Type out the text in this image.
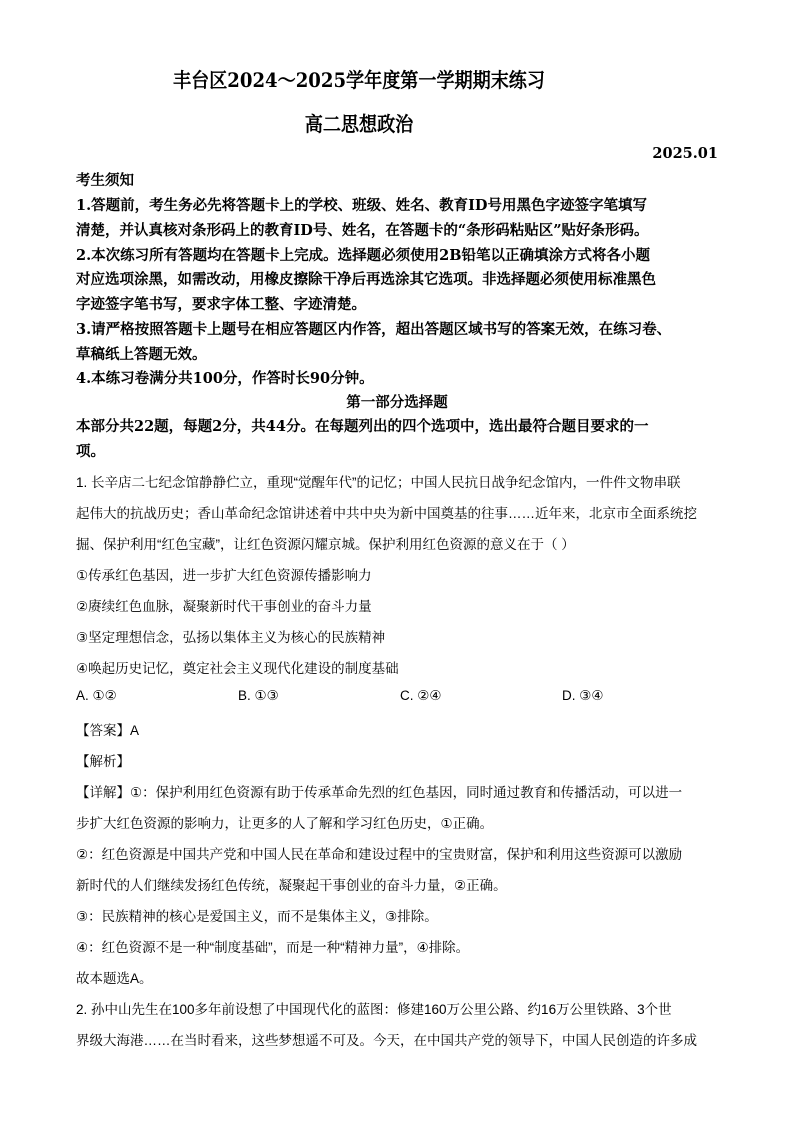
丰台区2024～2025学年度第一学期期末练习
高二思想政治
2025.01
考生须知
1.答题前，考生务必先将答题卡上的学校、班级、姓名、教育ID号用黑色字迹签字笔填写
清楚，并认真核对条形码上的教育ID号、姓名，在答题卡的“条形码粘贴区”贴好条形码。
2.本次练习所有答题均在答题卡上完成。选择题必须使用2B铅笔以正确填涂方式将各小题
对应选项涂黑，如需改动，用橡皮擦除干净后再选涂其它选项。非选择题必须使用标准黑色
字迹签字笔书写，要求字体工整、字迹清楚。
3.请严格按照答题卡上题号在相应答题区内作答，超出答题区域书写的答案无效，在练习卷、
草稿纸上答题无效。
4.本练习卷满分共100分，作答时长90分钟。
第一部分选择题
本部分共22题，每题2分，共44分。在每题列出的四个选项中，选出最符合题目要求的一
项。
1. 长辛店二七纪念馆静静伫立，重现“觉醒年代”的记忆；中国人民抗日战争纪念馆内，一件件文物串联
起伟大的抗战历史；香山革命纪念馆讲述着中共中央为新中国奠基的往事……近年来，北京市全面系统挖
掘、保护利用“红色宝藏”，让红色资源闪耀京城。保护利用红色资源的意义在于（ ）
①传承红色基因，进一步扩大红色资源传播影响力
②赓续红色血脉，凝聚新时代干事创业的奋斗力量
③坚定理想信念，弘扬以集体主义为核心的民族精神
④唤起历史记忆，奠定社会主义现代化建设的制度基础
A. ①②	B. ①③	C. ②④	D. ③④
【答案】A
【解析】
【详解】①：保护利用红色资源有助于传承革命先烈的红色基因，同时通过教育和传播活动，可以进一
步扩大红色资源的影响力，让更多的人了解和学习红色历史，①正确。
②：红色资源是中国共产党和中国人民在革命和建设过程中的宝贵财富，保护和利用这些资源可以激励
新时代的人们继续发扬红色传统，凝聚起干事创业的奋斗力量，②正确。
③：民族精神的核心是爱国主义，而不是集体主义，③排除。
④：红色资源不是一种“制度基础”，而是一种“精神力量”，④排除。
故本题选A。
2. 孙中山先生在100多年前设想了中国现代化的蓝图：修建160万公里公路、约16万公里铁路、3个世
界级大海港……在当时看来，这些梦想遥不可及。今天，在中国共产党的领导下，中国人民创造的许多成
